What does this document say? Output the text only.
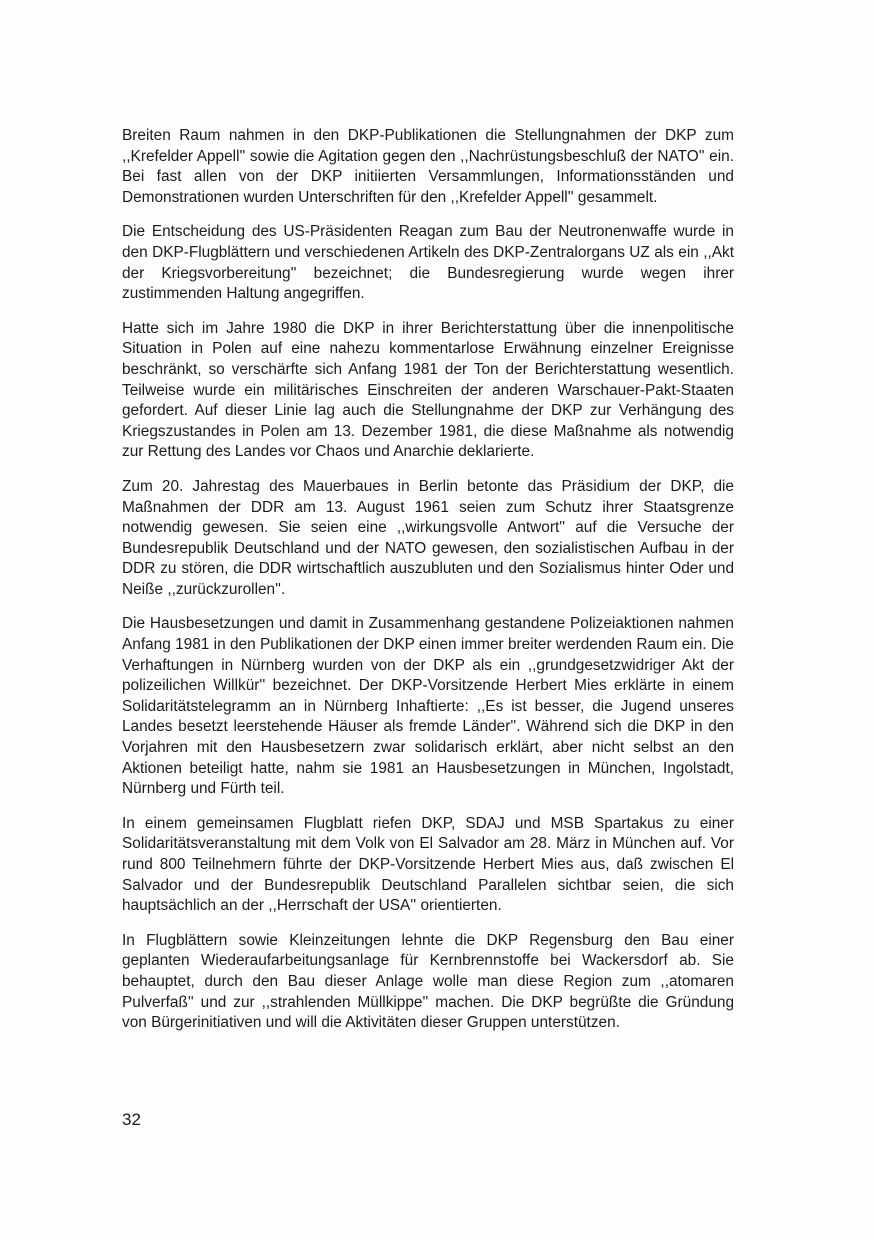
Breiten Raum nahmen in den DKP-Publikationen die Stellungnahmen der DKP zum ,,Krefelder Appell'' sowie die Agitation gegen den ,,Nachrüstungsbeschluß der NATO'' ein. Bei fast allen von der DKP initiierten Versammlungen, Informationsständen und Demonstrationen wurden Unterschriften für den ,,Krefelder Appell'' gesammelt.

Die Entscheidung des US-Präsidenten Reagan zum Bau der Neutronenwaffe wurde in den DKP-Flugblättern und verschiedenen Artikeln des DKP-Zentralorgans UZ als ein ,,Akt der Kriegsvorbereitung'' bezeichnet; die Bundesregierung wurde wegen ihrer zustimmenden Haltung angegriffen.

Hatte sich im Jahre 1980 die DKP in ihrer Berichterstattung über die innenpolitische Situation in Polen auf eine nahezu kommentarlose Erwähnung einzelner Ereignisse beschränkt, so verschärfte sich Anfang 1981 der Ton der Berichterstattung wesentlich. Teilweise wurde ein militärisches Einschreiten der anderen Warschauer-Pakt-Staaten gefordert. Auf dieser Linie lag auch die Stellungnahme der DKP zur Verhängung des Kriegszustandes in Polen am 13. Dezember 1981, die diese Maßnahme als notwendig zur Rettung des Landes vor Chaos und Anarchie deklarierte.

Zum 20. Jahrestag des Mauerbaues in Berlin betonte das Präsidium der DKP, die Maßnahmen der DDR am 13. August 1961 seien zum Schutz ihrer Staatsgrenze notwendig gewesen. Sie seien eine ,,wirkungsvolle Antwort'' auf die Versuche der Bundesrepublik Deutschland und der NATO gewesen, den sozialistischen Aufbau in der DDR zu stören, die DDR wirtschaftlich auszubluten und den Sozialismus hinter Oder und Neiße ,,zurückzurollen''.

Die Hausbesetzungen und damit in Zusammenhang gestandene Polizeiaktionen nahmen Anfang 1981 in den Publikationen der DKP einen immer breiter werdenden Raum ein. Die Verhaftungen in Nürnberg wurden von der DKP als ein ,,grundgesetzwidriger Akt der polizeilichen Willkür'' bezeichnet. Der DKP-Vorsitzende Herbert Mies erklärte in einem Solidaritätstelegramm an in Nürnberg Inhaftierte: ,,Es ist besser, die Jugend unseres Landes besetzt leerstehende Häuser als fremde Länder''. Während sich die DKP in den Vorjahren mit den Hausbesetzern zwar solidarisch erklärt, aber nicht selbst an den Aktionen beteiligt hatte, nahm sie 1981 an Hausbesetzungen in München, Ingolstadt, Nürnberg und Fürth teil.

In einem gemeinsamen Flugblatt riefen DKP, SDAJ und MSB Spartakus zu einer Solidaritätsveranstaltung mit dem Volk von El Salvador am 28. März in München auf. Vor rund 800 Teilnehmern führte der DKP-Vorsitzende Herbert Mies aus, daß zwischen El Salvador und der Bundesrepublik Deutschland Parallelen sichtbar seien, die sich hauptsächlich an der ,,Herrschaft der USA'' orientierten.

In Flugblättern sowie Kleinzeitungen lehnte die DKP Regensburg den Bau einer geplanten Wiederaufarbeitungsanlage für Kernbrennstoffe bei Wackersdorf ab. Sie behauptet, durch den Bau dieser Anlage wolle man diese Region zum ,,atomaren Pulverfaß'' und zur ,,strahlenden Müllkippe'' machen. Die DKP begrüßte die Gründung von Bürgerinitiativen und will die Aktivitäten dieser Gruppen unterstützen.

32
